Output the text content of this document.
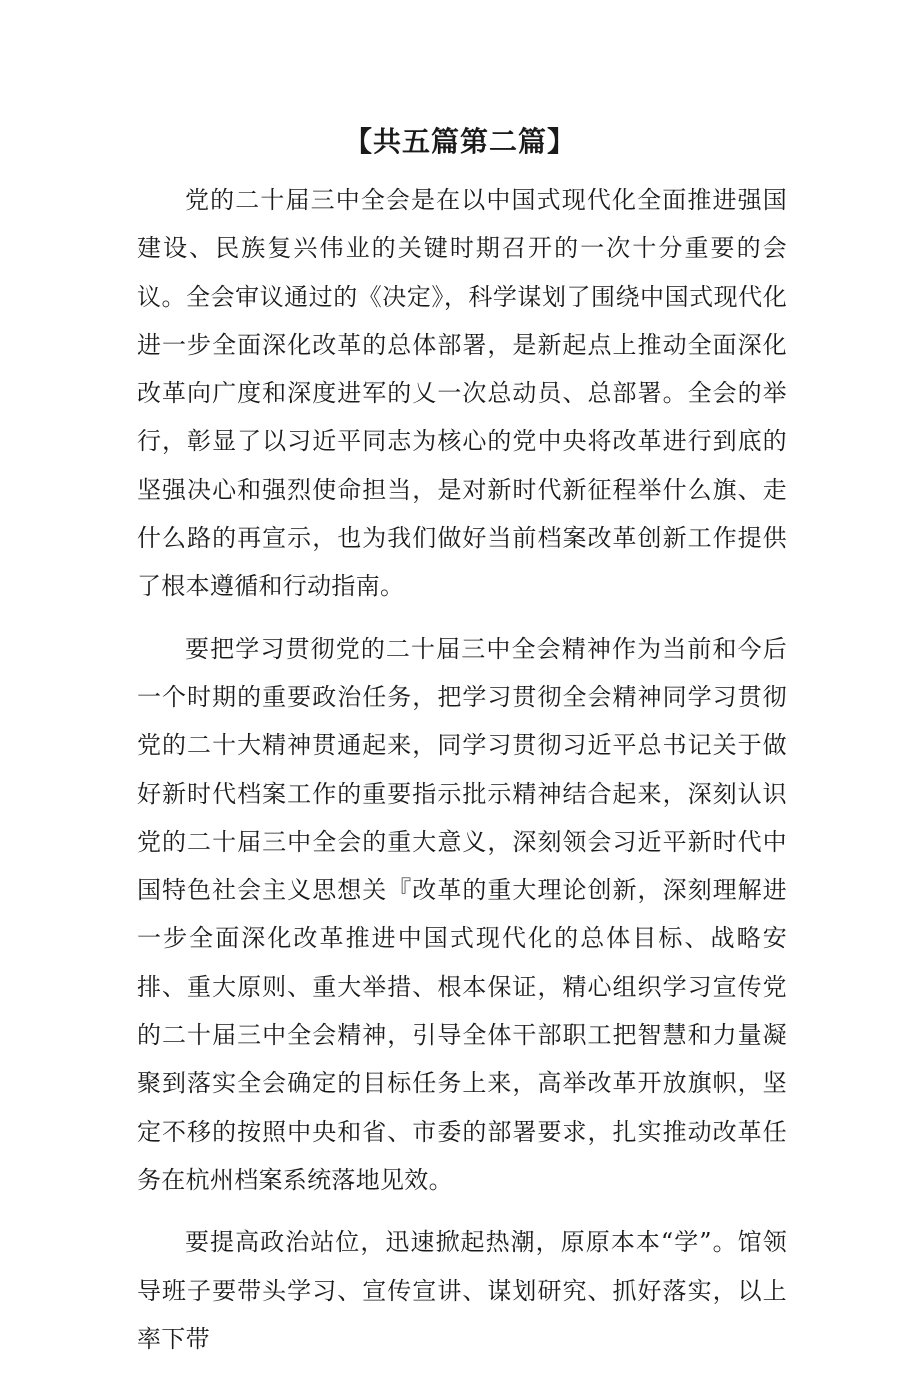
【共五篇第二篇】

党的二十届三中全会是在以中国式现代化全面推进强国建设、民族复兴伟业的关键时期召开的一次十分重要的会议。全会审议通过的《决定》，科学谋划了围绕中国式现代化进一步全面深化改革的总体部署，是新起点上推动全面深化改革向广度和深度进军的乂一次总动员、总部署。全会的举行，彰显了以习近平同志为核心的党中央将改革进行到底的坚强决心和强烈使命担当，是对新时代新征程举什么旗、走什么路的再宣示，也为我们做好当前档案改革创新工作提供了根本遵循和行动指南。

要把学习贯彻党的二十届三中全会精神作为当前和今后一个时期的重要政治任务，把学习贯彻全会精神同学习贯彻党的二十大精神贯通起来，同学习贯彻习近平总书记关于做好新时代档案工作的重要指示批示精神结合起来，深刻认识党的二十届三中全会的重大意义，深刻领会习近平新时代中国特色社会主义思想关『改革的重大理论创新，深刻理解进一步全面深化改革推进中国式现代化的总体目标、战略安排、重大原则、重大举措、根本保证，精心组织学习宣传党的二十届三中全会精神，引导全体干部职工把智慧和力量凝聚到落实全会确定的目标任务上来，高举改革开放旗帜，坚定不移的按照中央和省、市委的部署要求，扎实推动改革任务在杭州档案系统落地见效。

要提高政治站位，迅速掀起热潮，原原本本“学”。馆领导班子要带头学习、宣传宣讲、谋划研究、抓好落实，以上率下带
